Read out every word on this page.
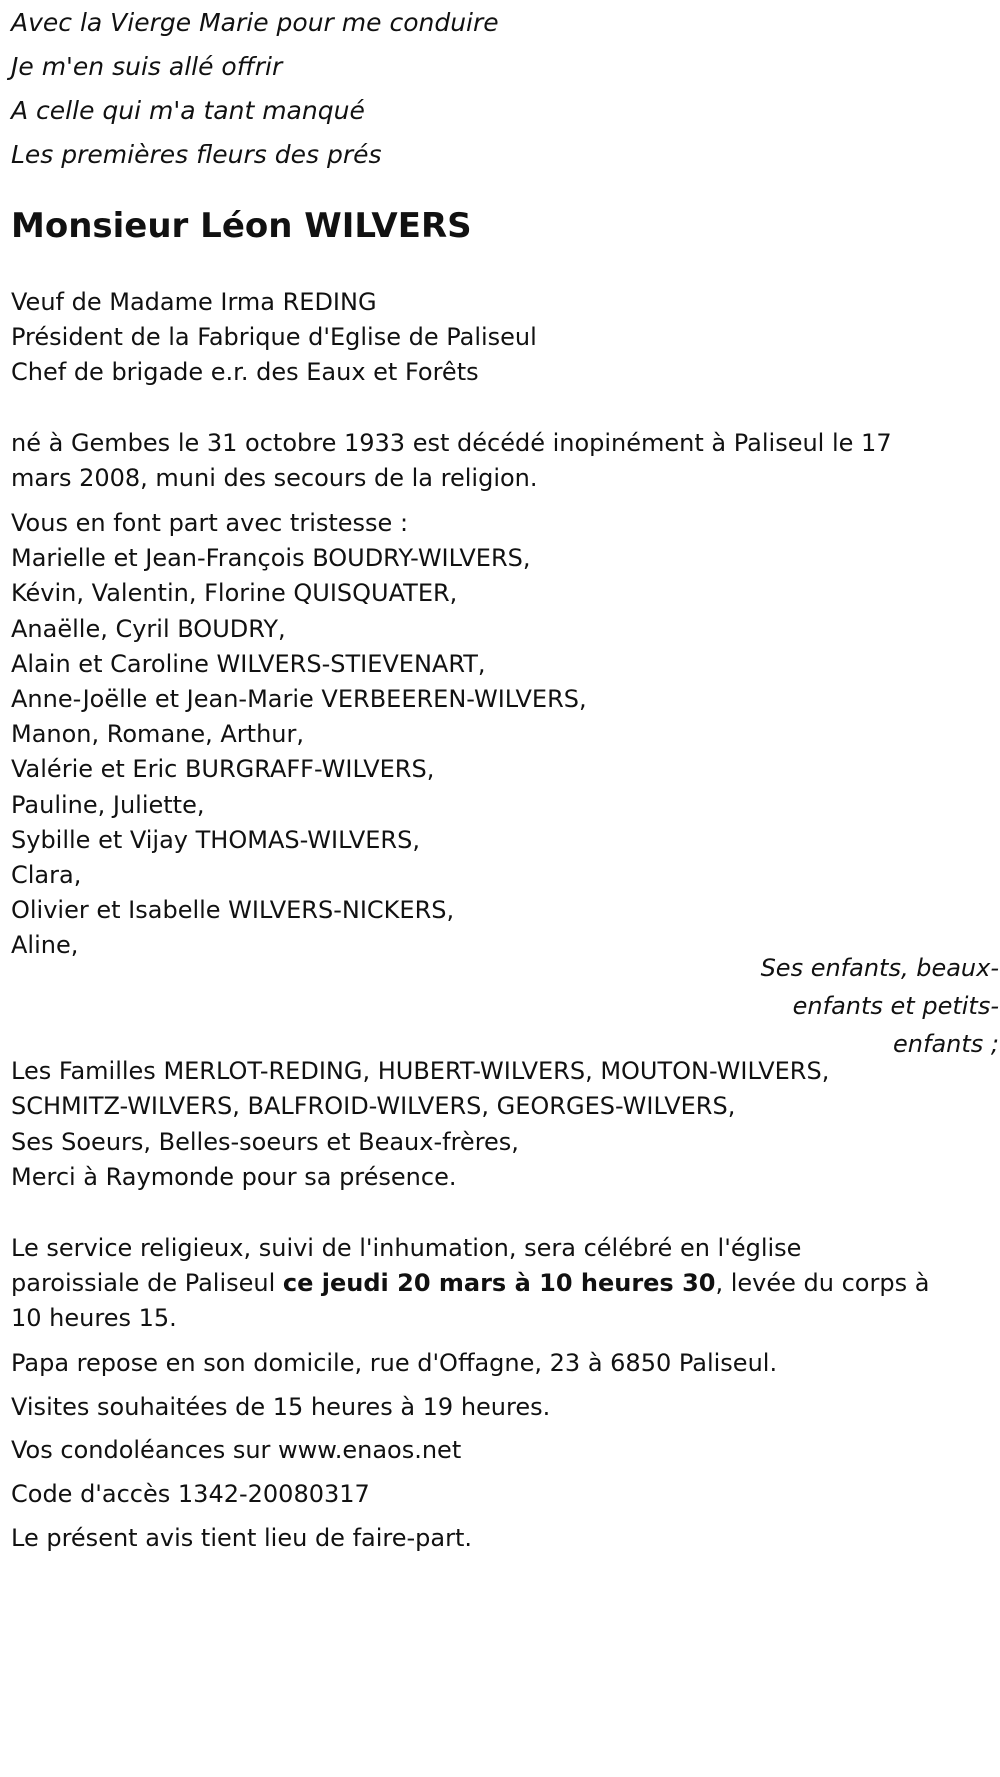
Avec la Vierge Marie pour me conduire
Je m'en suis allé offrir
A celle qui m'a tant manqué
Les premières fleurs des prés
Monsieur Léon WILVERS
Veuf de Madame Irma REDING
Président de la Fabrique d'Eglise de Paliseul
Chef de brigade e.r. des Eaux et Forêts
né à Gembes le 31 octobre 1933 est décédé inopinément à Paliseul le 17
mars 2008, muni des secours de la religion.
Vous en font part avec tristesse :
Marielle et Jean-François BOUDRY-WILVERS,
Kévin, Valentin, Florine QUISQUATER,
Anaëlle, Cyril BOUDRY,
Alain et Caroline WILVERS-STIEVENART,
Anne-Joëlle et Jean-Marie VERBEEREN-WILVERS,
Manon, Romane, Arthur,
Valérie et Eric BURGRAFF-WILVERS,
Pauline, Juliette,
Sybille et Vijay THOMAS-WILVERS,
Clara,
Olivier et Isabelle WILVERS-NICKERS,
Aline,
Ses enfants, beaux-enfants et petits-enfants ;
Les Familles MERLOT-REDING, HUBERT-WILVERS, MOUTON-WILVERS,
SCHMITZ-WILVERS, BALFROID-WILVERS, GEORGES-WILVERS,
Ses Soeurs, Belles-soeurs et Beaux-frères,
Merci à Raymonde pour sa présence.
Le service religieux, suivi de l'inhumation, sera célébré en l'église
paroissiale de Paliseul ce jeudi 20 mars à 10 heures 30, levée du corps à
10 heures 15.
Papa repose en son domicile, rue d'Offagne, 23 à 6850 Paliseul.
Visites souhaitées de 15 heures à 19 heures.
Vos condoléances sur www.enaos.net
Code d'accès 1342-20080317
Le présent avis tient lieu de faire-part.
